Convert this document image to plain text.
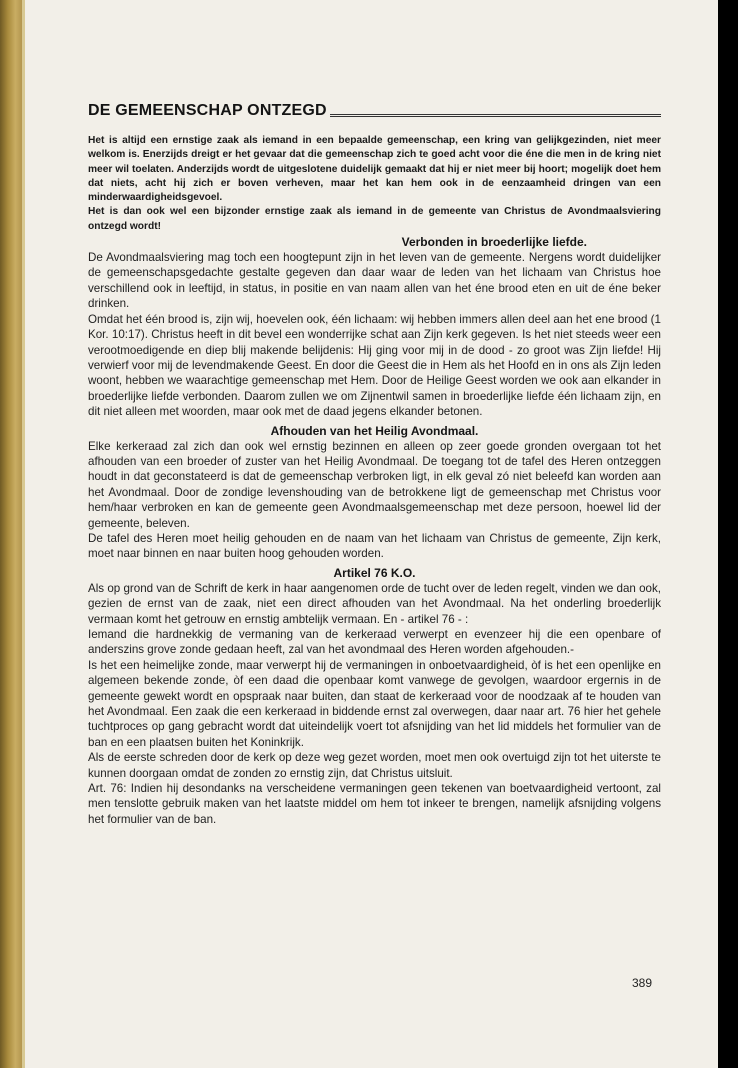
DE GEMEENSCHAP ONTZEGD

Het is altijd een ernstige zaak als iemand in een bepaalde gemeenschap, een kring van gelijkgezinden, niet meer welkom is. Enerzijds dreigt er het gevaar dat die gemeenschap zich te goed acht voor die éne die men in de kring niet meer wil toelaten. Anderzijds wordt de uitgeslotene duidelijk gemaakt dat hij er niet meer bij hoort; mogelijk doet hem dat niets, acht hij zich er boven verheven, maar het kan hem ook in de eenzaamheid dringen van een minderwaardigheidsgevoel.

Het is dan ook wel een bijzonder ernstige zaak als iemand in de gemeente van Christus de Avondmaalsviering ontzegd wordt!

Verbonden in broederlijke liefde.

De Avondmaalsviering mag toch een hoogtepunt zijn in het leven van de gemeente. Nergens wordt duidelijker de gemeenschapsgedachte gestalte gegeven dan daar waar de leden van het lichaam van Christus hoe verschillend ook in leeftijd, in status, in positie en van naam allen van het éne brood eten en uit de éne beker drinken.

Omdat het één brood is, zijn wij, hoevelen ook, één lichaam: wij hebben immers allen deel aan het ene brood (1 Kor. 10:17). Christus heeft in dit bevel een wonderrijke schat aan Zijn kerk gegeven. Is het niet steeds weer een verootmoedigende en diep blij makende belijdenis: Hij ging voor mij in de dood - zo groot was Zijn liefde! Hij verwierf voor mij de levendmakende Geest. En door die Geest die in Hem als het Hoofd en in ons als Zijn leden woont, hebben we waarachtige gemeenschap met Hem. Door de Heilige Geest worden we ook aan elkander in broederlijke liefde verbonden. Daarom zullen we om Zijnentwil samen in broederlijke liefde één lichaam zijn, en dit niet alleen met woorden, maar ook met de daad jegens elkander betonen.

Afhouden van het Heilig Avondmaal.

Elke kerkeraad zal zich dan ook wel ernstig bezinnen en alleen op zeer goede gronden overgaan tot het afhouden van een broeder of zuster van het Heilig Avondmaal. De toegang tot de tafel des Heren ontzeggen houdt in dat geconstateerd is dat de gemeenschap verbroken ligt, in elk geval zó niet beleefd kan worden aan het Avondmaal. Door de zondige levenshouding van de betrokkene ligt de gemeenschap met Christus voor hem/haar verbroken en kan de gemeente geen Avondmaalsgemeenschap met deze persoon, hoewel lid der gemeente, beleven.

De tafel des Heren moet heilig gehouden en de naam van het lichaam van Christus de gemeente, Zijn kerk, moet naar binnen en naar buiten hoog gehouden worden.

Artikel 76 K.O.

Als op grond van de Schrift de kerk in haar aangenomen orde de tucht over de leden regelt, vinden we dan ook, gezien de ernst van de zaak, niet een direct afhouden van het Avondmaal. Na het onderling broederlijk vermaan komt het getrouw en ernstig ambtelijk vermaan. En - artikel 76 - :

Iemand die hardnekkig de vermaning van de kerkeraad verwerpt en evenzeer hij die een openbare of anderszins grove zonde gedaan heeft, zal van het avondmaal des Heren worden afgehouden.-

Is het een heimelijke zonde, maar verwerpt hij de vermaningen in onboetvaardigheid, òf is het een openlijke en algemeen bekende zonde, òf een daad die openbaar komt vanwege de gevolgen, waardoor ergernis in de gemeente gewekt wordt en opspraak naar buiten, dan staat de kerkeraad voor de noodzaak af te houden van het Avondmaal. Een zaak die een kerkeraad in biddende ernst zal overwegen, daar naar art. 76 hier het gehele tuchtproces op gang gebracht wordt dat uiteindelijk voert tot afsnijding van het lid middels het formulier van de ban en een plaatsen buiten het Koninkrijk.

Als de eerste schreden door de kerk op deze weg gezet worden, moet men ook overtuigd zijn tot het uiterste te kunnen doorgaan omdat de zonden zo ernstig zijn, dat Christus uitsluit.

Art. 76: Indien hij desondanks na verscheidene vermaningen geen tekenen van boetvaardigheid vertoont, zal men tenslotte gebruik maken van het laatste middel om hem tot inkeer te brengen, namelijk afsnijding volgens het formulier van de ban.

389
